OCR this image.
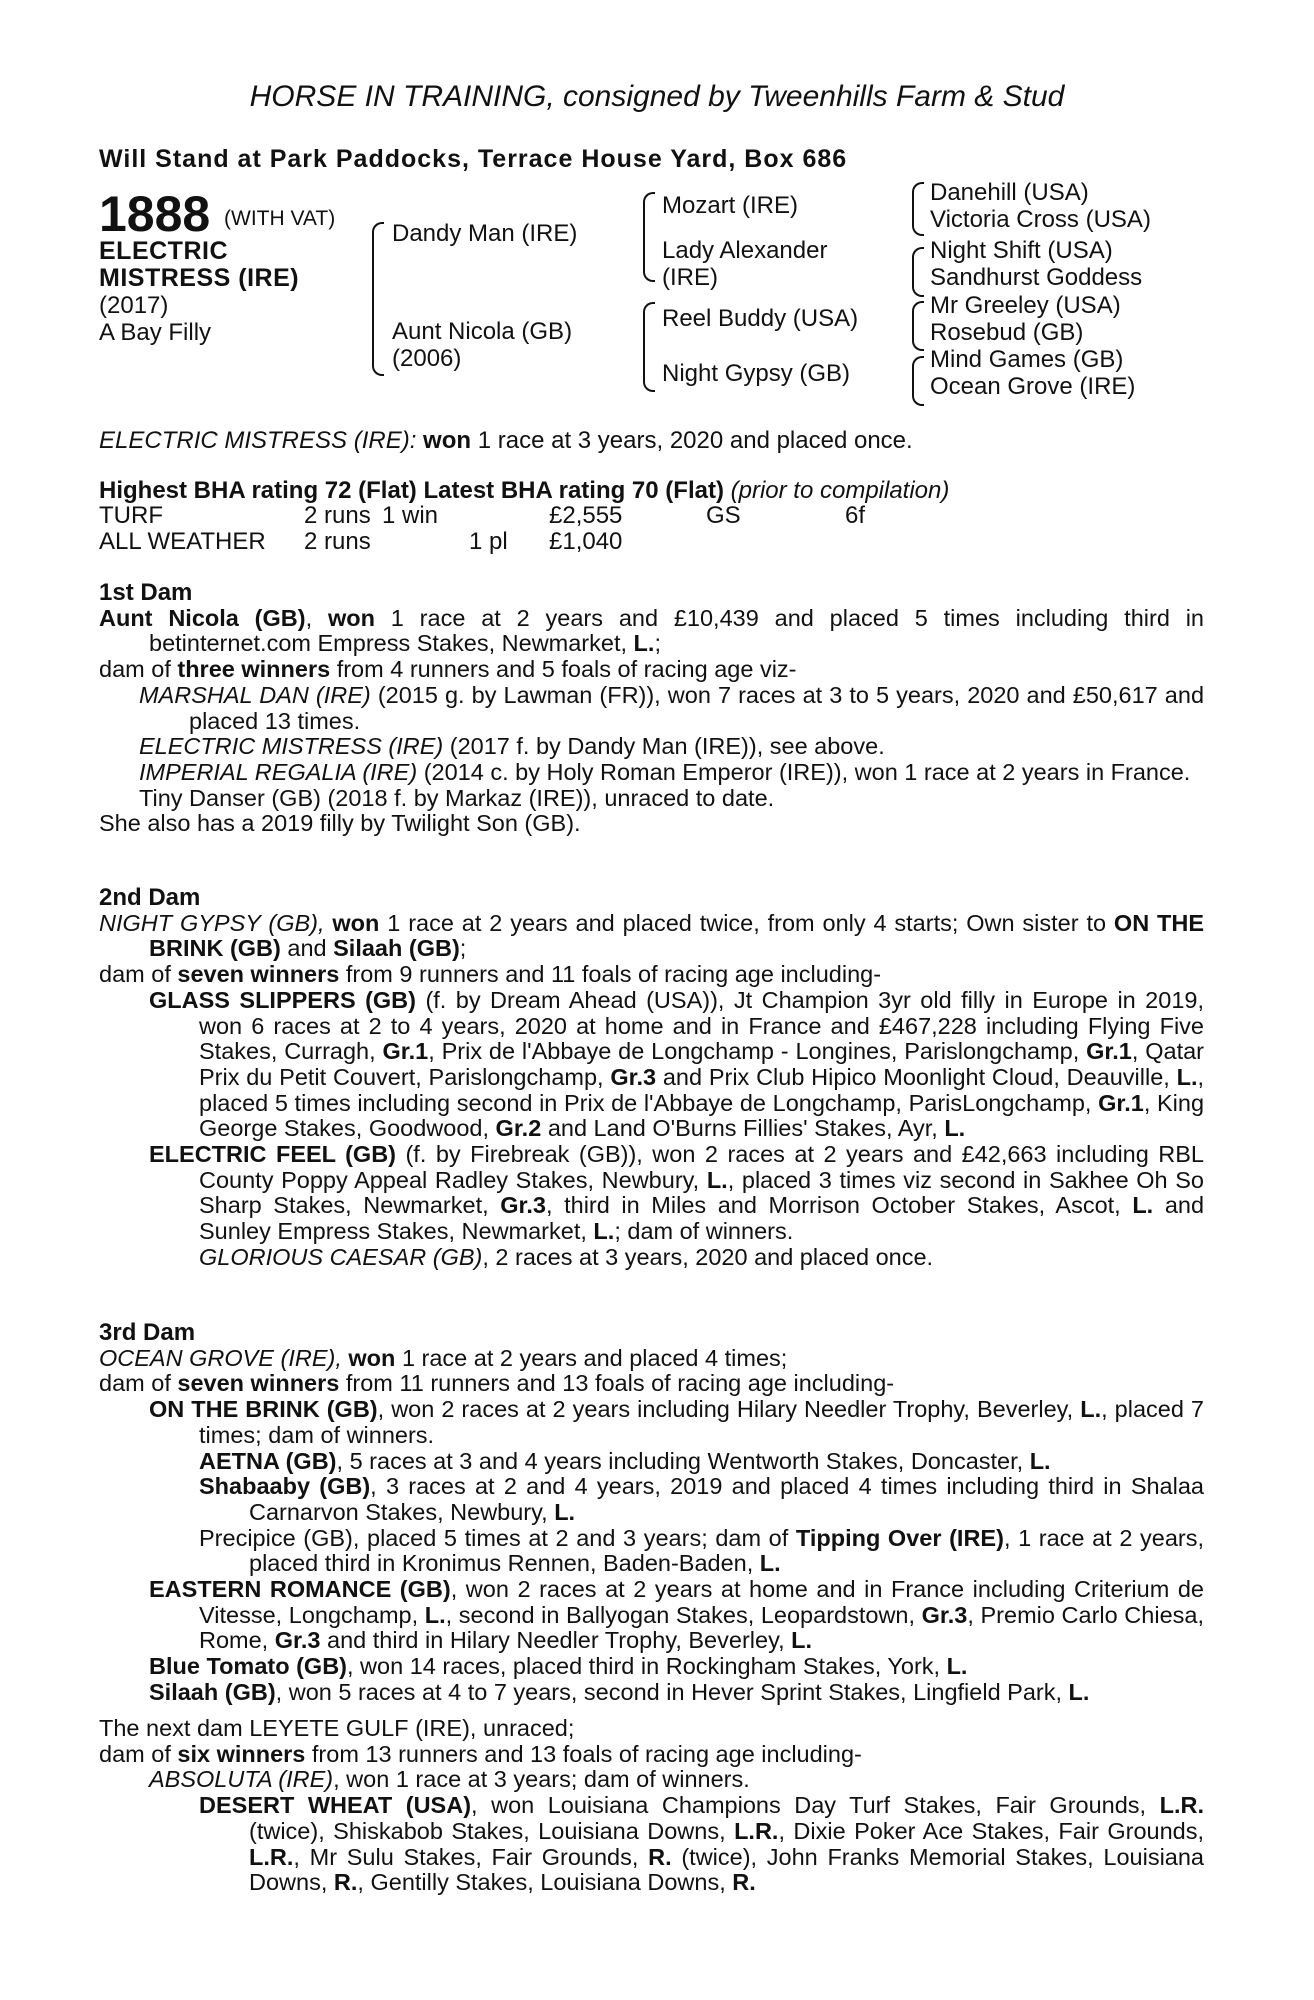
HORSE IN TRAINING, consigned by Tweenhills Farm & Stud
Will Stand at Park Paddocks, Terrace House Yard, Box 686
1888 (WITH VAT)
ELECTRIC
MISTRESS (IRE)
(2017)
A Bay Filly
Dandy Man (IRE)
Aunt Nicola (GB)
(2006)
Mozart (IRE)
Lady Alexander
(IRE)
Reel Buddy (USA)
Night Gypsy (GB)
Danehill (USA)
Victoria Cross (USA)
Night Shift (USA)
Sandhurst Goddess
Mr Greeley (USA)
Rosebud (GB)
Mind Games (GB)
Ocean Grove (IRE)
ELECTRIC MISTRESS (IRE): won 1 race at 3 years, 2020 and placed once.
Highest BHA rating 72 (Flat) Latest BHA rating 70 (Flat) (prior to compilation)
TURF	2 runs 1 win	£2,555	GS	6f
ALL WEATHER 2 runs	1 pl £1,040

1st Dam

Aunt Nicola (GB), won 1 race at 2 years and £10,439 and placed 5 times including third in betinternet.com Empress Stakes, Newmarket, L.;

dam of three winners from 4 runners and 5 foals of racing age viz-

MARSHAL DAN (IRE) (2015 g. by Lawman (FR)), won 7 races at 3 to 5 years, 2020 and £50,617 and placed 13 times.

ELECTRIC MISTRESS (IRE) (2017 f. by Dandy Man (IRE)), see above.

IMPERIAL REGALIA (IRE) (2014 c. by Holy Roman Emperor (IRE)), won 1 race at 2 years in France.

Tiny Danser (GB) (2018 f. by Markaz (IRE)), unraced to date.

She also has a 2019 filly by Twilight Son (GB).

2nd Dam

NIGHT GYPSY (GB), won 1 race at 2 years and placed twice, from only 4 starts; Own sister to ON THE BRINK (GB) and Silaah (GB);

dam of seven winners from 9 runners and 11 foals of racing age including-

GLASS SLIPPERS (GB) (f. by Dream Ahead (USA)), Jt Champion 3yr old filly in Europe in 2019, won 6 races at 2 to 4 years, 2020 at home and in France and £467,228 including Flying Five Stakes, Curragh, Gr.1, Prix de l'Abbaye de Longchamp - Longines, Parislongchamp, Gr.1, Qatar Prix du Petit Couvert, Parislongchamp, Gr.3 and Prix Club Hipico Moonlight Cloud, Deauville, L., placed 5 times including second in Prix de l'Abbaye de Longchamp, ParisLongchamp, Gr.1, King George Stakes, Goodwood, Gr.2 and Land O'Burns Fillies' Stakes, Ayr, L.

ELECTRIC FEEL (GB) (f. by Firebreak (GB)), won 2 races at 2 years and £42,663 including RBL County Poppy Appeal Radley Stakes, Newbury, L., placed 3 times viz second in Sakhee Oh So Sharp Stakes, Newmarket, Gr.3, third in Miles and Morrison October Stakes, Ascot, L. and Sunley Empress Stakes, Newmarket, L.; dam of winners.

GLORIOUS CAESAR (GB), 2 races at 3 years, 2020 and placed once.

3rd Dam

OCEAN GROVE (IRE), won 1 race at 2 years and placed 4 times;

dam of seven winners from 11 runners and 13 foals of racing age including-

ON THE BRINK (GB), won 2 races at 2 years including Hilary Needler Trophy, Beverley, L., placed 7 times; dam of winners.

AETNA (GB), 5 races at 3 and 4 years including Wentworth Stakes, Doncaster, L.

Shabaaby (GB), 3 races at 2 and 4 years, 2019 and placed 4 times including third in Shalaa Carnarvon Stakes, Newbury, L.

Precipice (GB), placed 5 times at 2 and 3 years; dam of Tipping Over (IRE), 1 race at 2 years, placed third in Kronimus Rennen, Baden-Baden, L.

EASTERN ROMANCE (GB), won 2 races at 2 years at home and in France including Criterium de Vitesse, Longchamp, L., second in Ballyogan Stakes, Leopardstown, Gr.3, Premio Carlo Chiesa, Rome, Gr.3 and third in Hilary Needler Trophy, Beverley, L.

Blue Tomato (GB), won 14 races, placed third in Rockingham Stakes, York, L.

Silaah (GB), won 5 races at 4 to 7 years, second in Hever Sprint Stakes, Lingfield Park, L.

The next dam LEYETE GULF (IRE), unraced;

dam of six winners from 13 runners and 13 foals of racing age including-

ABSOLUTA (IRE), won 1 race at 3 years; dam of winners.

DESERT WHEAT (USA), won Louisiana Champions Day Turf Stakes, Fair Grounds, L.R. (twice), Shiskabob Stakes, Louisiana Downs, L.R., Dixie Poker Ace Stakes, Fair Grounds, L.R., Mr Sulu Stakes, Fair Grounds, R. (twice), John Franks Memorial Stakes, Louisiana Downs, R., Gentilly Stakes, Louisiana Downs, R.
